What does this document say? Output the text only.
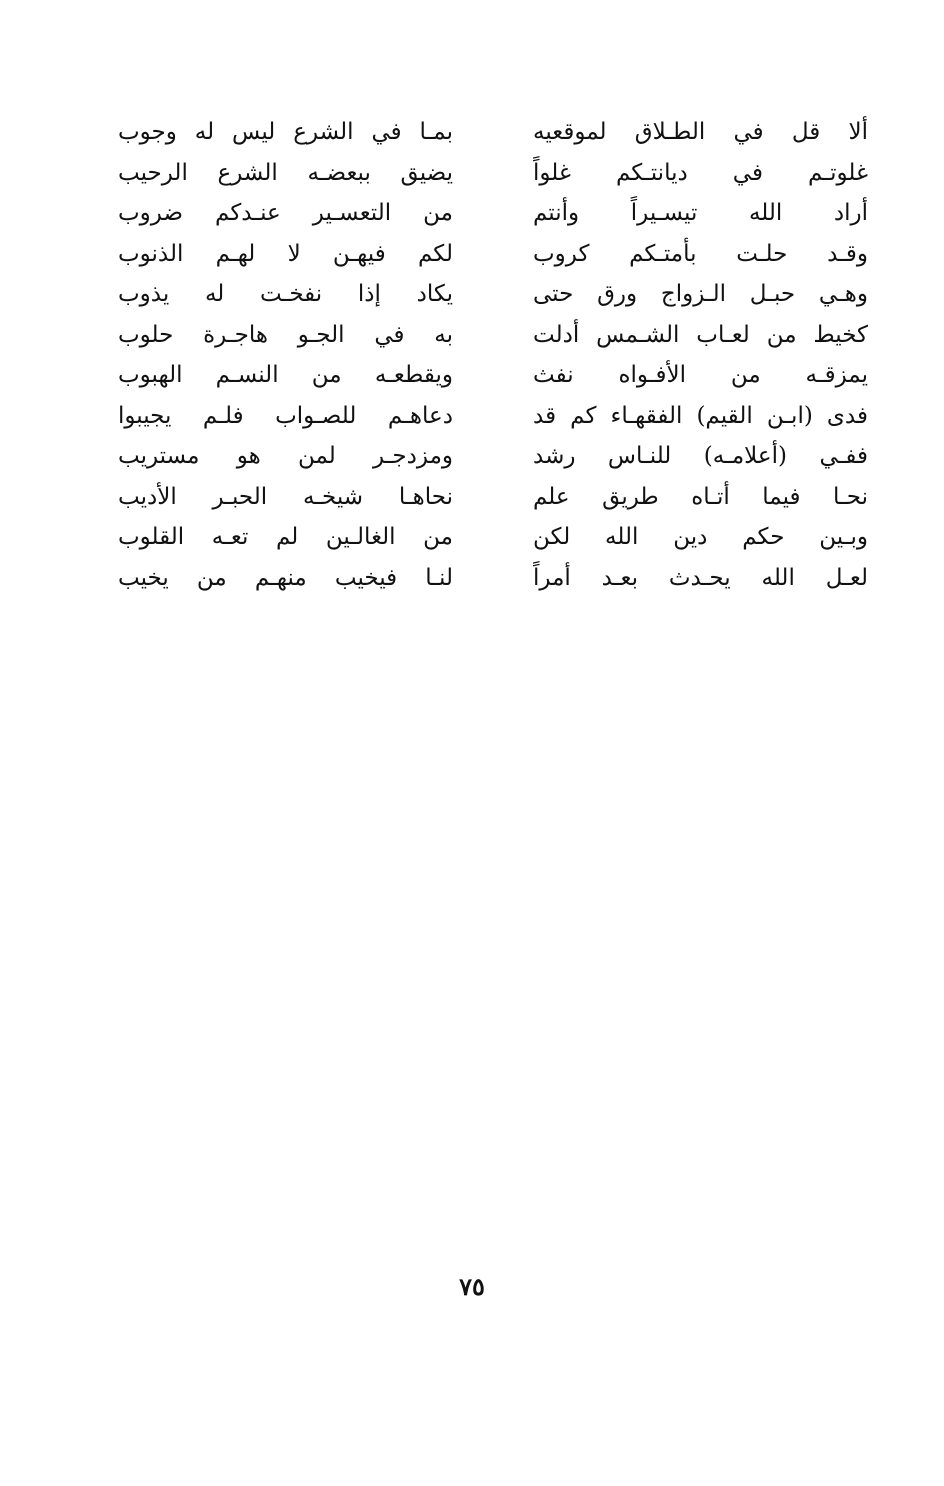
بمـا في الشرع ليس له وجوب
يضيق ببعضـه الشرع الرحيب
من التعسـير عنـدكم ضروب
لكم فيهـن لا لهـم الذنوب
يكاد إذا نفخـت له يذوب
به في الجـو هاجـرة حلوب
ويقطعـه من النسـم الهبوب
دعاهـم للصـواب فلـم يجيبوا
ومزدجـر لمن هو مستريب
نحاهـا شيخـه الحبـر الأديب
من الغالـين لم تعـه القلوب
لنـا فيخيب منهـم من يخيب
ألا قل في الطـلاق لموقعيه
غلوتـم في ديانتـكم غلواً
أراد الله تيسـيراً وأنتم
وقـد حلـت بأمتـكم كروب
وهـي حبـل الـزواج ورق حتى
كخيط من لعـاب الشـمس أدلت
يمزقـه من الأفـواه نفث
فدى (ابـن القيم) الفقهـاء كم قد
ففـي (أعلامـه) للنـاس رشد
نحـا فيما أتـاه طريق علم
وبـين حكم دين الله لكن
لعـل الله يحـدث بعـد أمراً
٧٥
